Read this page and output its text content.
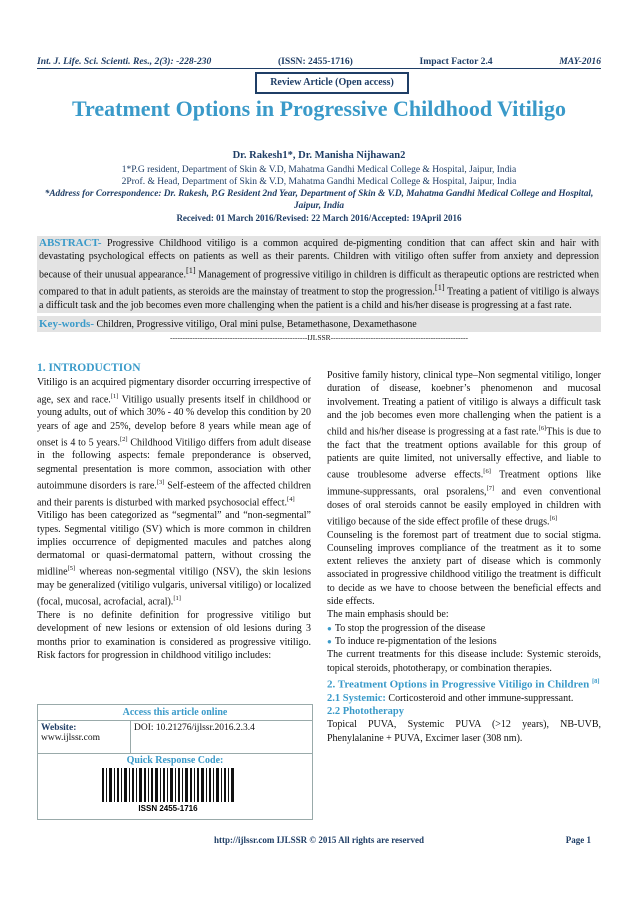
Int. J. Life. Sci. Scienti. Res., 2(3): -228-230	(ISSN: 2455-1716)	Impact Factor 2.4	MAY-2016
Review Article (Open access)
Treatment Options in Progressive Childhood Vitiligo
Dr. Rakesh1*, Dr. Manisha Nijhawan2
1*P.G resident, Department of Skin & V.D, Mahatma Gandhi Medical College & Hospital, Jaipur, India
2Prof. & Head, Department of Skin & V.D, Mahatma Gandhi Medical College & Hospital, Jaipur, India
*Address for Correspondence: Dr. Rakesh, P.G Resident 2nd Year, Department of Skin & V.D, Mahatma Gandhi Medical College and Hospital, Jaipur, India
Received: 01 March 2016/Revised: 22 March 2016/Accepted: 19April 2016
ABSTRACT- Progressive Childhood vitiligo is a common acquired de-pigmenting condition that can affect skin and hair with devastating psychological effects on patients as well as their parents. Children with vitiligo often suffer from anxiety and depression because of their unusual appearance.[1] Management of progressive vitiligo in children is difficult as therapeutic options are restricted when compared to that in adult patients, as steroids are the mainstay of treatment to stop the progression.[1] Treating a patient of vitiligo is always a difficult task and the job becomes even more challenging when the patient is a child and his/her disease is progressing at a fast rate.
Key-words- Children, Progressive vitiligo, Oral mini pulse, Betamethasone, Dexamethasone
-------------------------------------------------------IJLSSR-------------------------------------------------------
1. INTRODUCTION

Vitiligo is an acquired pigmentary disorder occurring irrespective of age, sex and race.[1] Vitiligo usually presents itself in childhood or young adults, out of which 30% - 40 % develop this condition by 20 years of age and 25%, develop before 8 years while mean age of onset is 4 to 5 years.[2] Childhood Vitiligo differs from adult disease in the following aspects: female preponderance is observed, segmental presentation is more common, association with other autoimmune disorders is rare.[3] Self-esteem of the affected children and their parents is disturbed with marked psychosocial effect.[4]

Vitiligo has been categorized as “segmental” and “non-segmental” types. Segmental vitiligo (SV) which is more common in children implies occurrence of depigmented macules and patches along dermatomal or quasi-dermatomal pattern, without crossing the midline[5] whereas non-segmental vitiligo (NSV), the skin lesions may be generalized (vitiligo vulgaris, universal vitiligo) or localized (focal, mucosal, acrofacial, acral).[1]

There is no definite definition for progressive vitiligo but development of new lesions or extension of old lesions during 3 months prior to examination is considered as progressive vitiligo. Risk factors for progression in childhood vitiligo includes:

Access this article online
Website:
www.ijlssr.com
DOI: 10.21276/ijlssr.2016.2.3.4
Quick Response Code:
ISSN 2455-1716

Positive family history, clinical type–Non segmental vitiligo, longer duration of disease, koebner’s phenomenon and mucosal involvement. Treating a patient of vitiligo is always a difficult task and the job becomes even more challenging when the patient is a child and his/her disease is progressing at a fast rate.[6]This is due to the fact that the treatment options available for this group of patients are quite limited, not universally effective, and liable to cause troublesome adverse effects.[6] Treatment options like immune-suppressants, oral psoralens,[7] and even conventional doses of oral steroids cannot be easily employed in children with vitiligo because of the side effect profile of these drugs.[6]

Counseling is the foremost part of treatment due to social stigma. Counseling improves compliance of the treatment as it to some extent relieves the anxiety part of disease which is commonly associated in progressive childhood vitiligo the treatment is difficult to decide as we have to choose between the beneficial effects and side effects.

The main emphasis should be:

● To stop the progression of the disease

● To induce re-pigmentation of the lesions

The current treatments for this disease include: Systemic steroids, topical steroids, phototherapy, or combination therapies.

2. Treatment Options in Progressive Vitiligo in Children [8]

2.1 Systemic: Corticosteroid and other immune-suppressant.

2.2 Phototherapy

Topical PUVA, Systemic PUVA (>12 years), NB-UVB, Phenylalanine + PUVA, Excimer laser (308 nm).

http://ijlssr.com IJLSSR © 2015 All rights are reserved	Page 1
